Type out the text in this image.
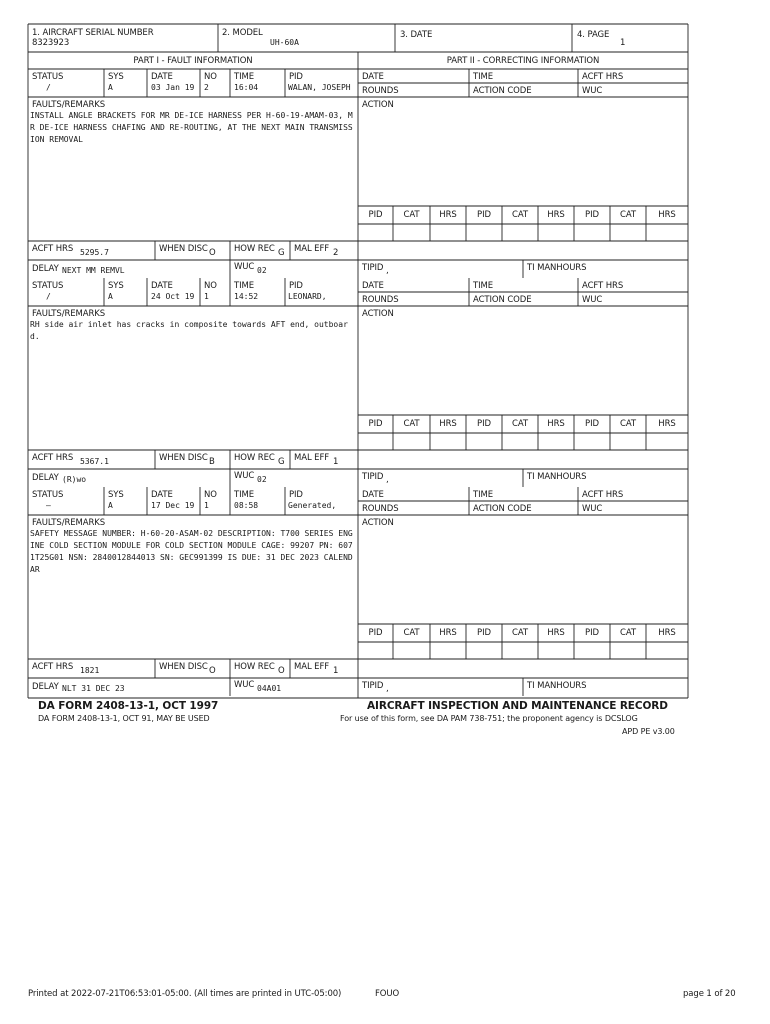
1. AIRCRAFT SERIAL NUMBER
8323923
2. MODEL
UH-60A
3. DATE	4. PAGE
1
PART I - FAULT INFORMATION	PART II - CORRECTING INFORMATION
STATUS	SYS	DATE	NO TIME	PID
/	A	03 Jan 19 2	16:04	WALAN, JOSEPH
FAULTS/REMARKS
INSTALL ANGLE BRACKETS FOR MR DE-ICE HARNESS PER H-60-19-AMAM-03, MR DE-ICE HARNESS CHAFING AND RE-ROUTING, AT THE NEXT MAIN TRANSMISSION REMOVAL
ACFT HRS 5295.7	WHEN DISC O HOW REC G MAL EFF 2
DELAY NEXT MM REMVL	WUC 02
DATE	TIME	ACFT HRS
ROUNDS	ACTION CODE	WUC
ACTION
PID	CAT	HRS	PID	CAT	HRS	PID	CAT	HRS
TIPID ,	TI MANHOURS
STATUS	SYS	DATE	NO TIME	PID
/	A	24 Oct 19 1	14:52	LEONARD,
FAULTS/REMARKS
RH side air inlet has cracks in composite towards AFT end, outboard.
ACFT HRS 5367.1	WHEN DISC B HOW REC G MAL EFF 1
DELAY (R)wo	WUC 02
DATE	TIME	ACFT HRS
ROUNDS	ACTION CODE	WUC
ACTION
PID	CAT	HRS	PID	CAT	HRS	PID	CAT	HRS
TIPID ,	TI MANHOURS
STATUS	SYS	DATE	NO TIME	PID
–	A	17 Dec 19 1	08:58	Generated,
FAULTS/REMARKS
SAFETY MESSAGE NUMBER: H-60-20-ASAM-02 DESCRIPTION: T700 SERIES ENGINE COLD SECTION MODULE FOR COLD SECTION MODULE CAGE: 99207 PN: 6071T25G01 NSN: 2840012844013 SN: GEC991399 IS DUE: 31 DEC 2023 CALENDAR
ACFT HRS 1821	WHEN DISC O HOW REC O MAL EFF 1
DELAY NLT 31 DEC 23	WUC 04A01
DATE	TIME	ACFT HRS
ROUNDS	ACTION CODE	WUC
ACTION
PID	CAT	HRS	PID	CAT	HRS	PID	CAT	HRS
TIPID ,	TI MANHOURS
DA FORM 2408-13-1, OCT 1997
DA FORM 2408-13-1, OCT 91, MAY BE USED
AIRCRAFT INSPECTION AND MAINTENANCE RECORD
For use of this form, see DA PAM 738-751; the proponent agency is DCSLOG
APD PE v3.00
Printed at 2022-07-21T06:53:01-05:00. (All times are printed in UTC-05:00)	FOUO	page 1 of 20
